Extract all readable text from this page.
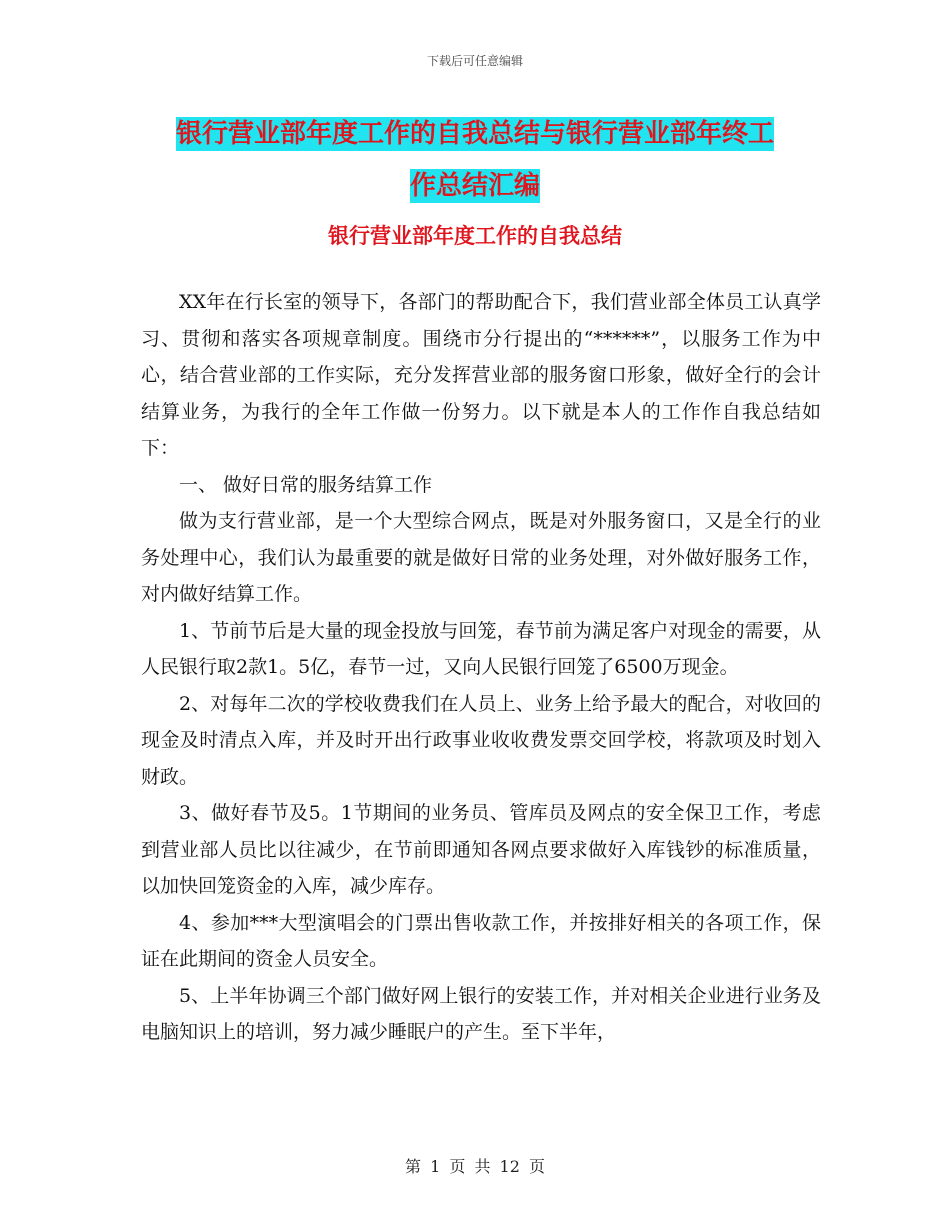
下载后可任意编辑
银行营业部年度工作的自我总结与银行营业部年终工
作总结汇编
银行营业部年度工作的自我总结

XX年在行长室的领导下，各部门的帮助配合下，我们营业部全体员工认真学习、贯彻和落实各项规章制度。围绕市分行提出的“******”，以服务工作为中心，结合营业部的工作实际，充分发挥营业部的服务窗口形象，做好全行的会计结算业务，为我行的全年工作做一份努力。以下就是本人的工作作自我总结如下：

一、 做好日常的服务结算工作

做为支行营业部，是一个大型综合网点，既是对外服务窗口，又是全行的业务处理中心，我们认为最重要的就是做好日常的业务处理，对外做好服务工作，对内做好结算工作。

1、节前节后是大量的现金投放与回笼，春节前为满足客户对现金的需要，从人民银行取2款1。5亿，春节一过，又向人民银行回笼了6500万现金。

2、对每年二次的学校收费我们在人员上、业务上给予最大的配合，对收回的现金及时清点入库，并及时开出行政事业收收费发票交回学校，将款项及时划入财政。

3、做好春节及5。1节期间的业务员、管库员及网点的安全保卫工作，考虑到营业部人员比以往减少，在节前即通知各网点要求做好入库钱钞的标准质量，以加快回笼资金的入库，减少库存。

4、参加***大型演唱会的门票出售收款工作，并按排好相关的各项工作，保证在此期间的资金人员安全。

5、上半年协调三个部门做好网上银行的安装工作，并对相关企业进行业务及电脑知识上的培训，努力减少睡眠户的产生。至下半年，

第 1 页 共 12 页
